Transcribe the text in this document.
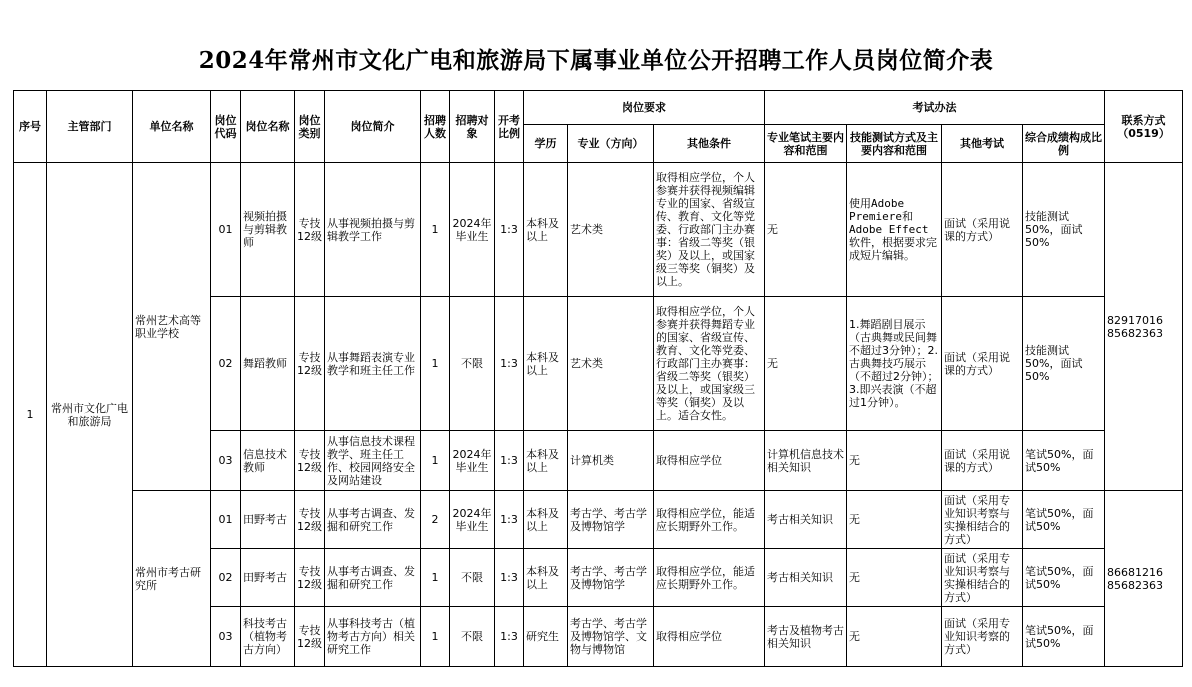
2024年常州市文化广电和旅游局下属事业单位公开招聘工作人员岗位简介表
序号	主管部门	单位名称	岗位代码	岗位名称	岗位类别	岗位简介	招聘人数	招聘对象	开考比例	岗位要求			考试办法				联系方式（0519）
										学历	专业（方向）	其他条件	专业笔试主要内容和范围	技能测试方式及主要内容和范围	其他考试	综合成绩构成比例	
1	常州市文化广电和旅游局	常州艺术高等职业学校	01	视频拍摄与剪辑教师	专技12级	从事视频拍摄与剪辑教学工作	1	2024年毕业生	1:3	本科及以上	艺术类	取得相应学位，个人参赛并获得视频编辑专业的国家、省级宣传、教育、文化等党委、行政部门主办赛事：省级二等奖（银奖）及以上，或国家级三等奖（铜奖）及以上。	无	使用Adobe Premiere和Adobe Effect软件，根据要求完成短片编辑。	面试（采用说课的方式）	技能测试50%，面试50%	82917016 85682363
			02	舞蹈教师	专技12级	从事舞蹈表演专业教学和班主任工作	1	不限	1:3	本科及以上	艺术类	取得相应学位，个人参赛并获得舞蹈专业的国家、省级宣传、教育、文化等党委、行政部门主办赛事：省级二等奖（银奖）及以上，或国家级三等奖（铜奖）及以上。适合女性。	无	1.舞蹈剧目展示（古典舞或民间舞不超过3分钟）；2.古典舞技巧展示（不超过2分钟）；3.即兴表演（不超过1分钟）。	面试（采用说课的方式）	技能测试50%，面试50%	
			03	信息技术教师	专技12级	从事信息技术课程教学、班主任工作、校园网络安全及网站建设	1	2024年毕业生	1:3	本科及以上	计算机类	取得相应学位	计算机信息技术相关知识	无	面试（采用说课的方式）	笔试50%，面试50%	
		常州市考古研究所	01	田野考古	专技12级	从事考古调查、发掘和研究工作	2	2024年毕业生	1:3	本科及以上	考古学、考古学及博物馆学	取得相应学位，能适应长期野外工作。	考古相关知识	无	面试（采用专业知识考察与实操相结合的方式）	笔试50%，面试50%	86681216 85682363
			02	田野考古	专技12级	从事考古调查、发掘和研究工作	1	不限	1:3	本科及以上	考古学、考古学及博物馆学	取得相应学位，能适应长期野外工作。	考古相关知识	无	面试（采用专业知识考察与实操相结合的方式）	笔试50%，面试50%	
			03	科技考古（植物考古方向）	专技12级	从事科技考古（植物考古方向）相关研究工作	1	不限	1:3	研究生	考古学、考古学及博物馆学、文物与博物馆	取得相应学位	考古及植物考古相关知识	无	面试（采用专业知识考察的方式）	笔试50%，面试50%	
